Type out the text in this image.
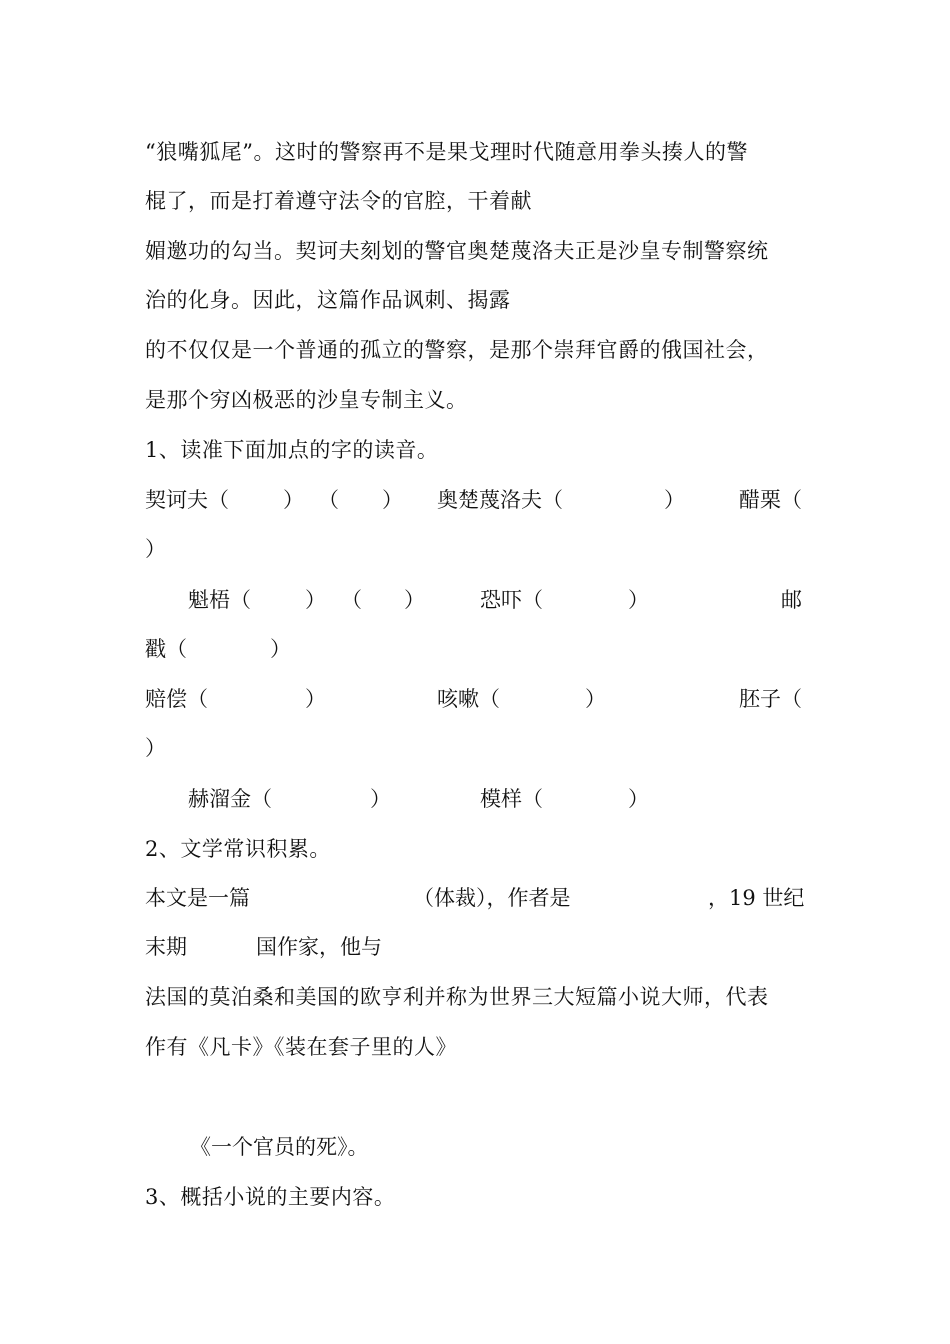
“狼嘴狐尾”。这时的警察再不是果戈理时代随意用拳头揍人的警
棍了，而是打着遵守法令的官腔，干着献
媚邀功的勾当。契诃夫刻划的警官奥楚蔑洛夫正是沙皇专制警察统
治的化身。因此，这篇作品讽刺、揭露
的不仅仅是一个普通的孤立的警察，是那个崇拜官爵的俄国社会，
是那个穷凶极恶的沙皇专制主义。
1、读准下面加点的字的读音。
契诃夫（	） （ ） 奥楚蔑洛夫（	）	醋栗（
）
魁梧（	） （ ）	恐吓（	）	邮
戳（	）
赔偿（	）	咳嗽（	）	胚子（
）
赫溜金（	）	模样（	）
2、文学常识积累。
本文是一篇	（体裁），作者是	，19 世纪
末期	国作家，他与
法国的莫泊桑和美国的欧亨利并称为世界三大短篇小说大师，代表
作有《凡卡》《装在套子里的人》
《一个官员的死》。
3、概括小说的主要内容。
